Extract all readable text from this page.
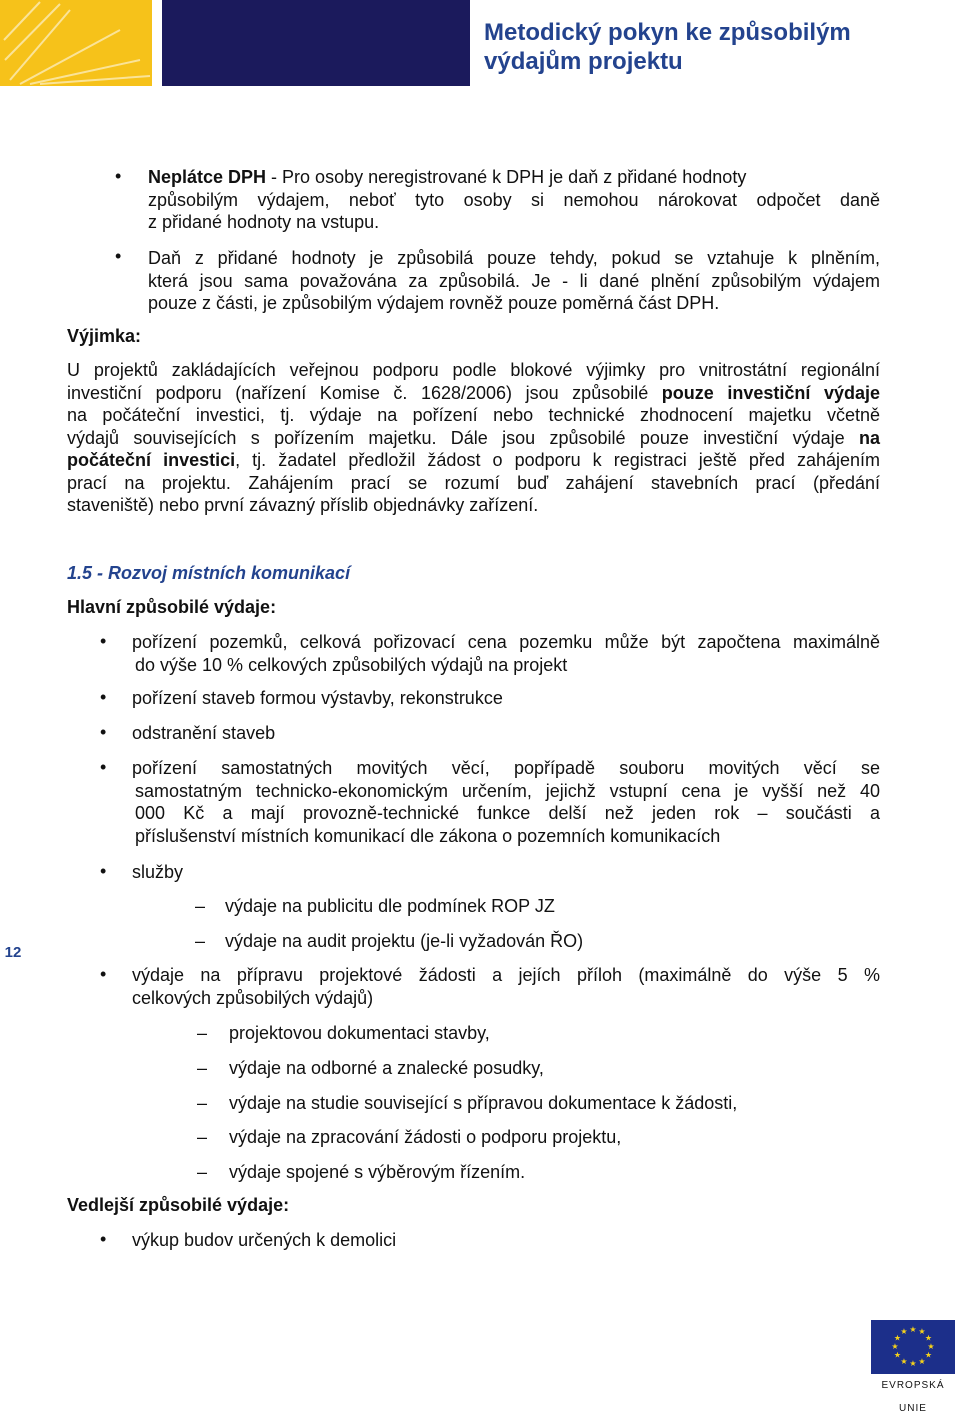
Metodický pokyn ke způsobilým
výdajům projektu
• Neplátce DPH - Pro osoby neregistrované k DPH je daň z přidané hodnoty
způsobilým výdajem, neboť tyto osoby si nemohou nárokovat odpočet daně
z přidané hodnoty na vstupu.
• Daň z přidané hodnoty je způsobilá pouze tehdy, pokud se vztahuje k plněním,
která jsou sama považována za způsobilá. Je - li dané plnění způsobilým výdajem
pouze z části, je způsobilým výdajem rovněž pouze poměrná část DPH.
Výjimka:
U projektů zakládajících veřejnou podporu podle blokové výjimky pro vnitrostátní regionální
investiční podporu (nařízení Komise č. 1628/2006) jsou způsobilé pouze investiční výdaje
na počáteční investici, tj. výdaje na pořízení nebo technické zhodnocení majetku včetně
výdajů souvisejících s pořízením majetku. Dále jsou způsobilé pouze investiční výdaje na
počáteční investici, tj. žadatel předložil žádost o podporu k registraci ještě před zahájením
prací na projektu. Zahájením prací se rozumí buď zahájení stavebních prací (předání
staveniště) nebo první závazný příslib objednávky zařízení.
1.5 - Rozvoj místních komunikací
Hlavní způsobilé výdaje:
• pořízení pozemků, celková pořizovací cena pozemku může být započtena maximálně
do výše 10 % celkových způsobilých výdajů na projekt
• pořízení staveb formou výstavby, rekonstrukce
• odstranění staveb
• pořízení samostatných movitých věcí, popřípadě souboru movitých věcí se
samostatným technicko-ekonomickým určením, jejichž vstupní cena je vyšší než 40
000 Kč a mají provozně-technické funkce delší než jeden rok – součásti a
příslušenství místních komunikací dle zákona o pozemních komunikacích
• služby
– výdaje na publicitu dle podmínek ROP JZ
– výdaje na audit projektu (je-li vyžadován ŘO)
• výdaje na přípravu projektové žádosti a jejích příloh (maximálně do výše 5 %
celkových způsobilých výdajů)
– projektovou dokumentaci stavby,
– výdaje na odborné a znalecké posudky,
– výdaje na studie související s přípravou dokumentace k žádosti,
– výdaje na zpracování žádosti o podporu projektu,
– výdaje spojené s výběrovým řízením.
Vedlejší způsobilé výdaje:
• výkup budov určených k demolici
12
★ ★
★
★
★
★
★
★
★
★
★
★
EVROPSKÁ UNIE
